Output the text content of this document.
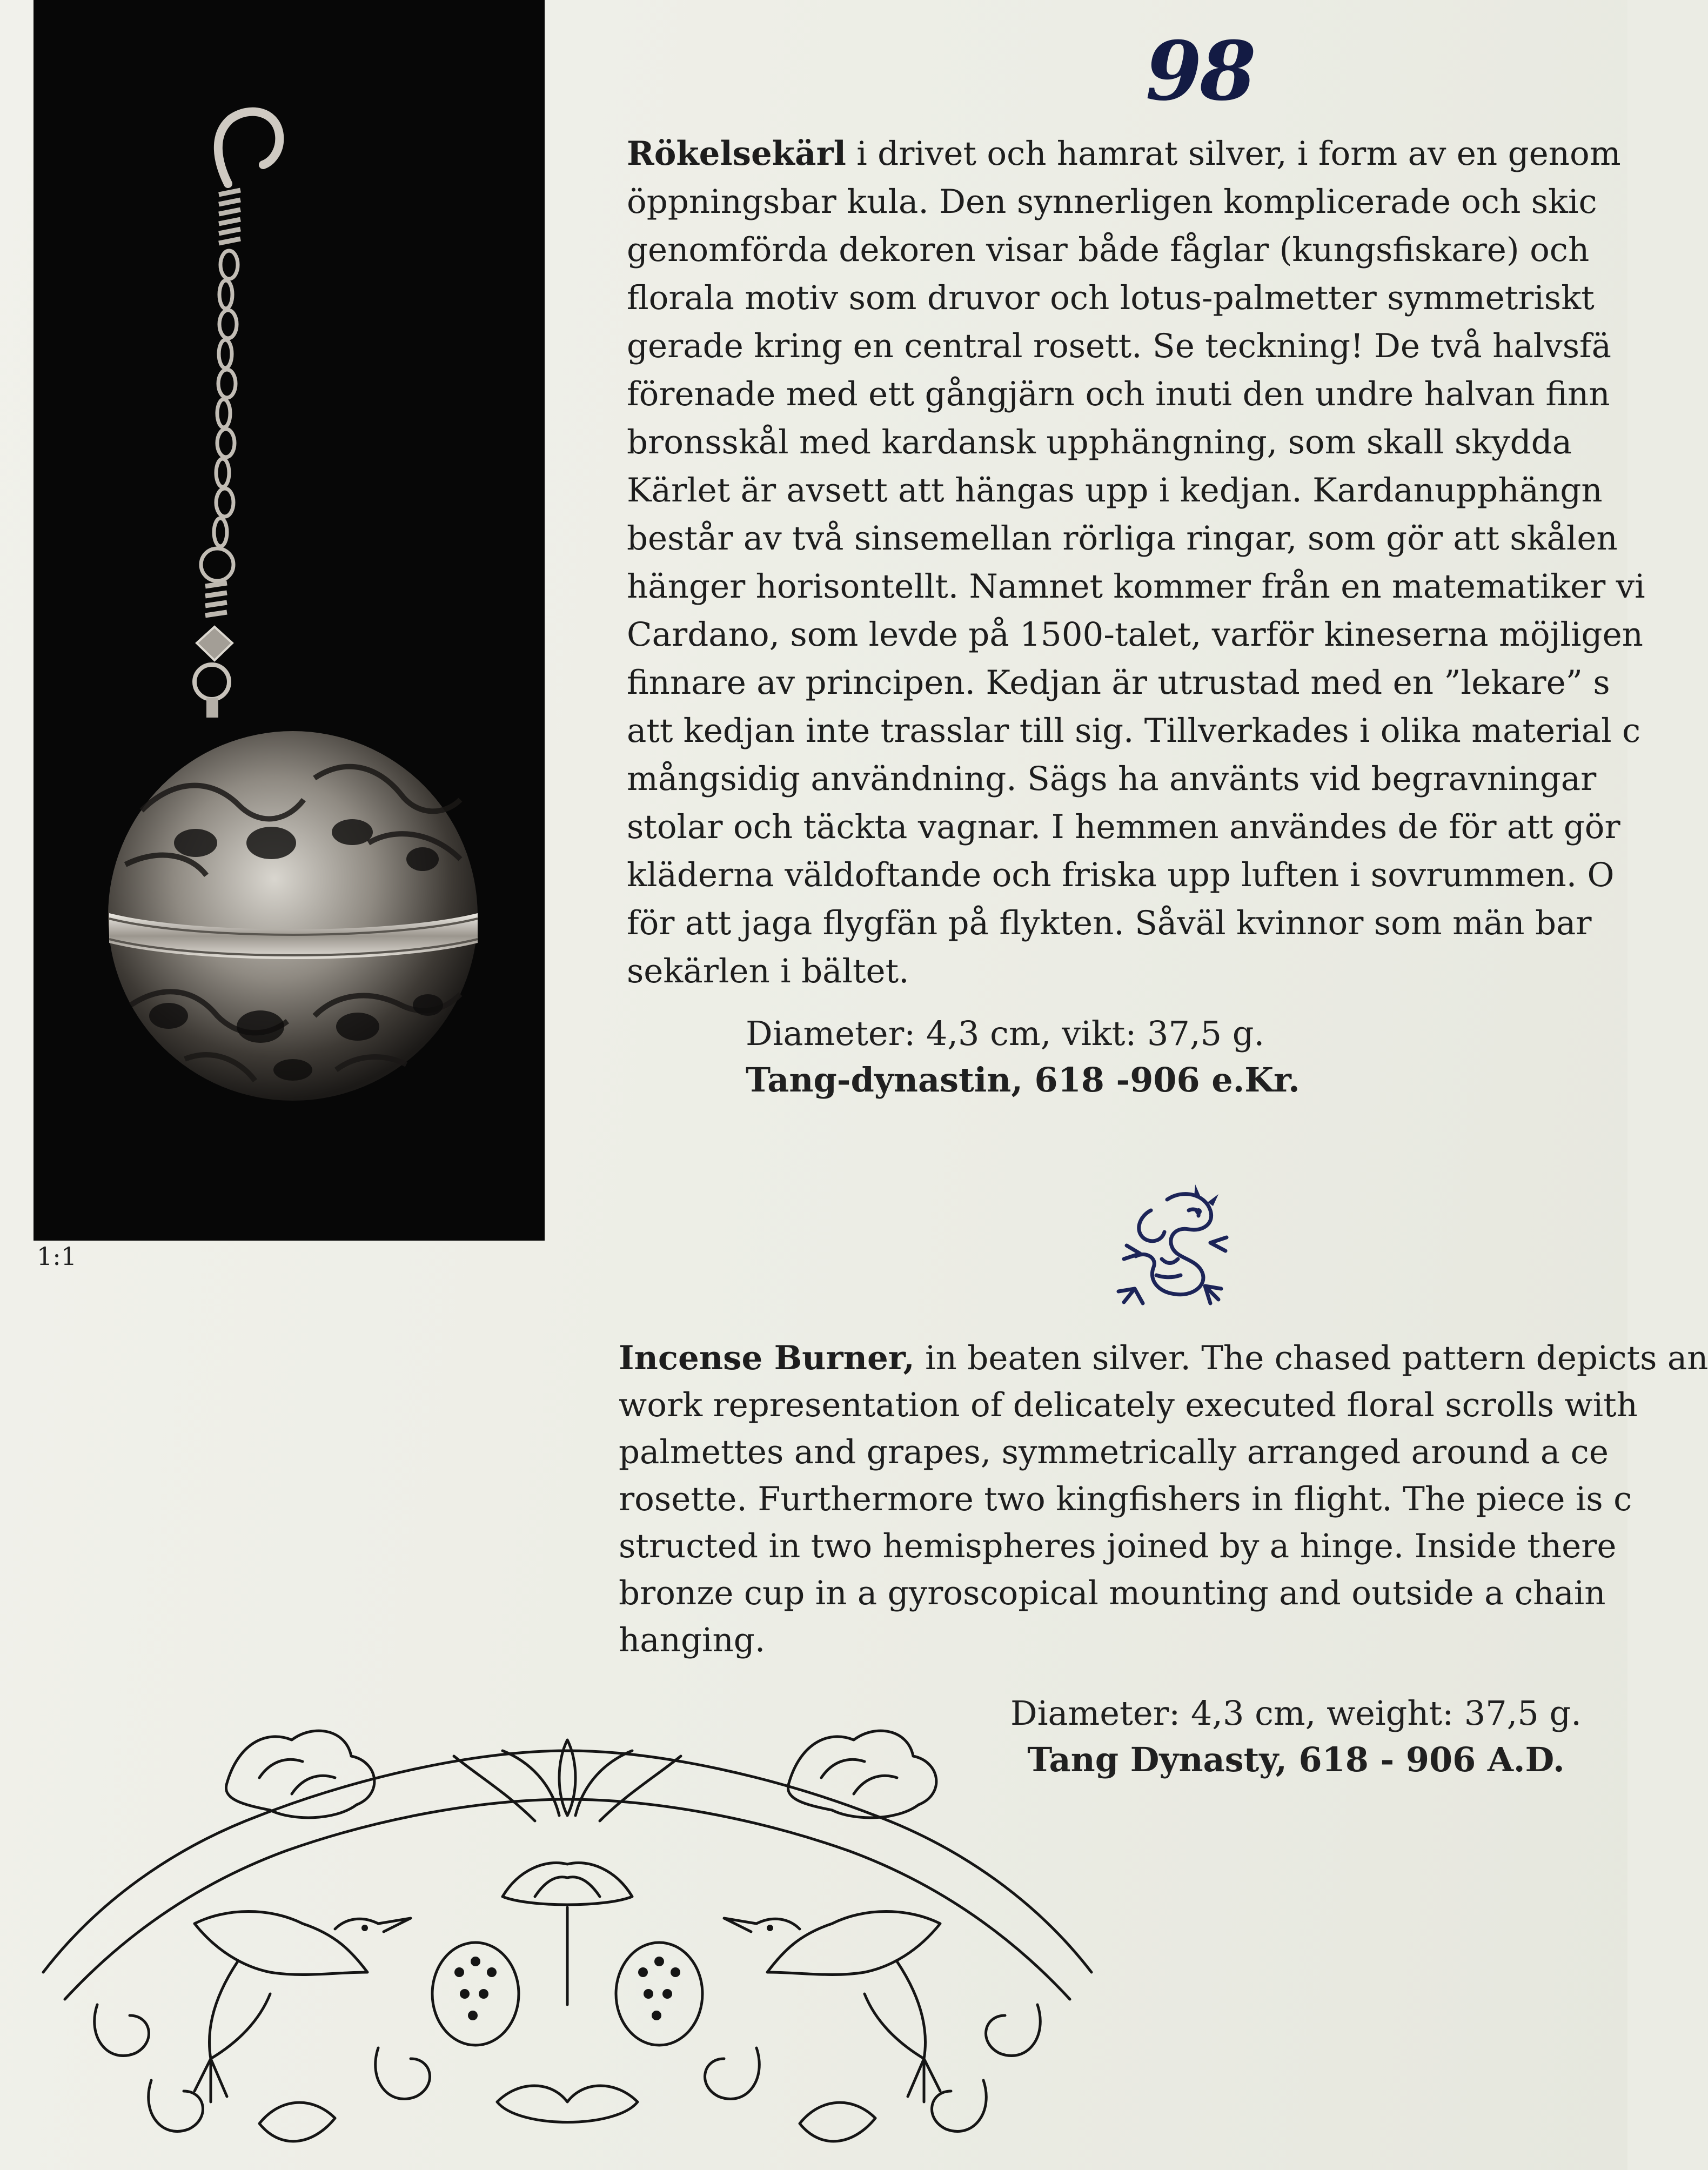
1:1
98
Rökelsekärl i drivet och hamrat silver, i form av en genom
öppningsbar kula. Den synnerligen komplicerade och skic
genomförda dekoren visar både fåglar (kungsfiskare) och
florala motiv som druvor och lotus-palmetter symmetriskt
gerade kring en central rosett. Se teckning! De två halvsfä
förenade med ett gångjärn och inuti den undre halvan finn
bronsskål med kardansk upphängning, som skall skydda
Kärlet är avsett att hängas upp i kedjan. Kardanupphängn
består av två sinsemellan rörliga ringar, som gör att skålen
hänger horisontellt. Namnet kommer från en matematiker vi
Cardano, som levde på 1500-talet, varför kineserna möjligen
finnare av principen. Kedjan är utrustad med en ”lekare” s
att kedjan inte trasslar till sig. Tillverkades i olika material c
mångsidig användning. Sägs ha använts vid begravningar
stolar och täckta vagnar. I hemmen användes de för att gör
kläderna väldoftande och friska upp luften i sovrummen. O
för att jaga flygfän på flykten. Såväl kvinnor som män bar
sekärlen i bältet.
Diameter: 4,3 cm, vikt: 37,5 g.
Tang-dynastin, 618 -906 e.Kr.
Incense Burner, in beaten silver. The chased pattern depicts an
work representation of delicately executed floral scrolls with
palmettes and grapes, symmetrically arranged around a ce
rosette. Furthermore two kingfishers in flight. The piece is c
structed in two hemispheres joined by a hinge. Inside there
bronze cup in a gyroscopical mounting and outside a chain
hanging.
Diameter: 4,3 cm, weight: 37,5 g.
Tang Dynasty, 618 - 906 A.D.
